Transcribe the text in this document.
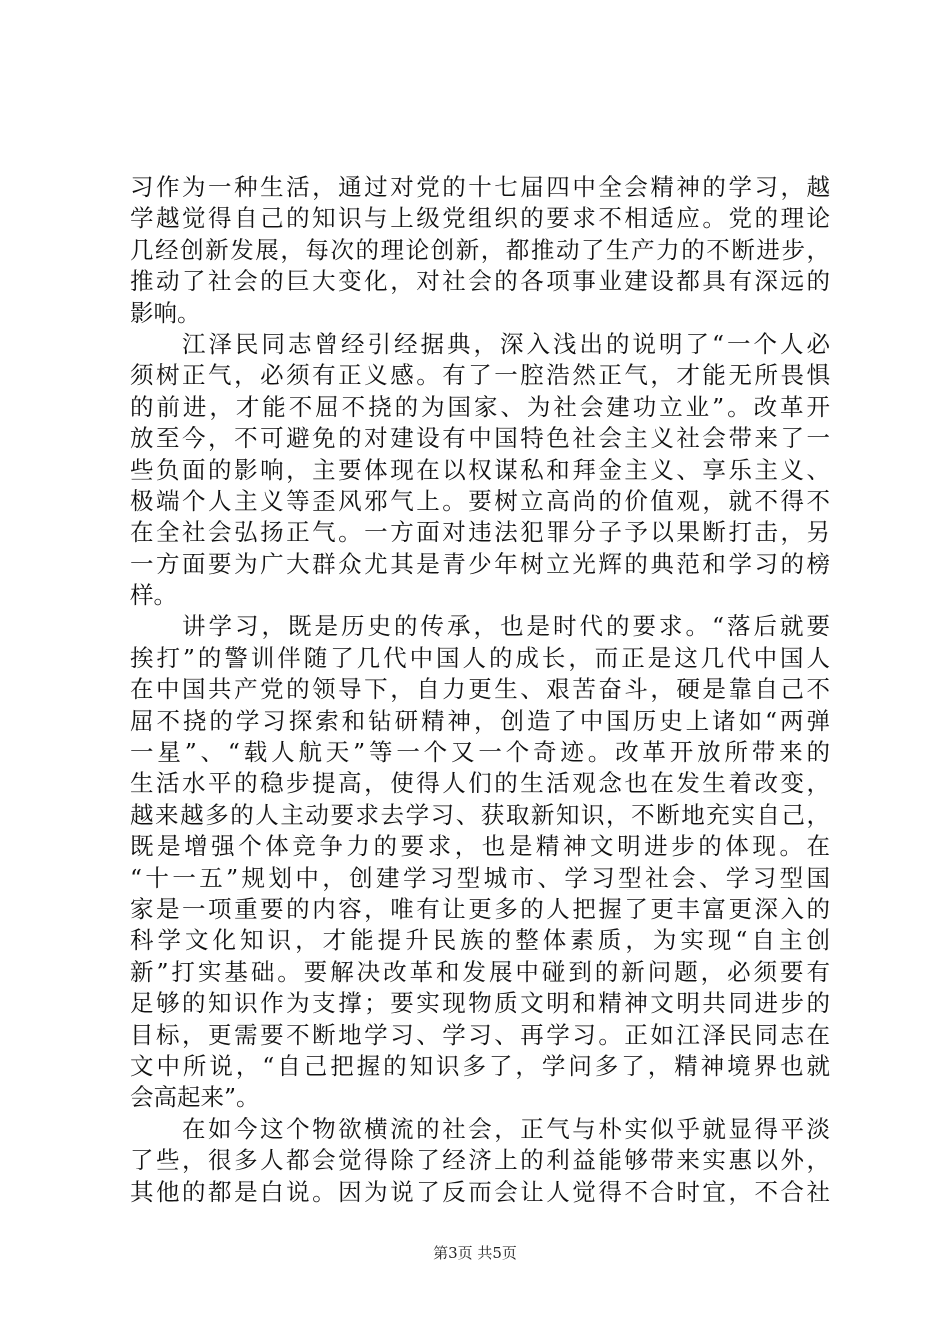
习作为一种生活，通过对党的十七届四中全会精神的学习，越
学越觉得自己的知识与上级党组织的要求不相适应。党的理论
几经创新发展，每次的理论创新，都推动了生产力的不断进步，
推动了社会的巨大变化，对社会的各项事业建设都具有深远的
影响。
江泽民同志曾经引经据典，深入浅出的说明了“一个人必
须树正气，必须有正义感。有了一腔浩然正气，才能无所畏惧
的前进，才能不屈不挠的为国家、为社会建功立业”。改革开
放至今，不可避免的对建设有中国特色社会主义社会带来了一
些负面的影响，主要体现在以权谋私和拜金主义、享乐主义、
极端个人主义等歪风邪气上。要树立高尚的价值观，就不得不
在全社会弘扬正气。一方面对违法犯罪分子予以果断打击，另
一方面要为广大群众尤其是青少年树立光辉的典范和学习的榜
样。
讲学习，既是历史的传承，也是时代的要求。“落后就要
挨打”的警训伴随了几代中国人的成长，而正是这几代中国人
在中国共产党的领导下，自力更生、艰苦奋斗，硬是靠自己不
屈不挠的学习探索和钻研精神，创造了中国历史上诸如“两弹
一星”、“载人航天”等一个又一个奇迹。改革开放所带来的
生活水平的稳步提高，使得人们的生活观念也在发生着改变，
越来越多的人主动要求去学习、获取新知识，不断地充实自己，
既是增强个体竞争力的要求，也是精神文明进步的体现。在
“十一五”规划中，创建学习型城市、学习型社会、学习型国
家是一项重要的内容，唯有让更多的人把握了更丰富更深入的
科学文化知识，才能提升民族的整体素质，为实现“自主创
新”打实基础。要解决改革和发展中碰到的新问题，必须要有
足够的知识作为支撑；要实现物质文明和精神文明共同进步的
目标，更需要不断地学习、学习、再学习。正如江泽民同志在
文中所说，“自己把握的知识多了，学问多了，精神境界也就
会高起来”。
在如今这个物欲横流的社会，正气与朴实似乎就显得平淡
了些，很多人都会觉得除了经济上的利益能够带来实惠以外，
其他的都是白说。因为说了反而会让人觉得不合时宜，不合社
第3页 共5页
